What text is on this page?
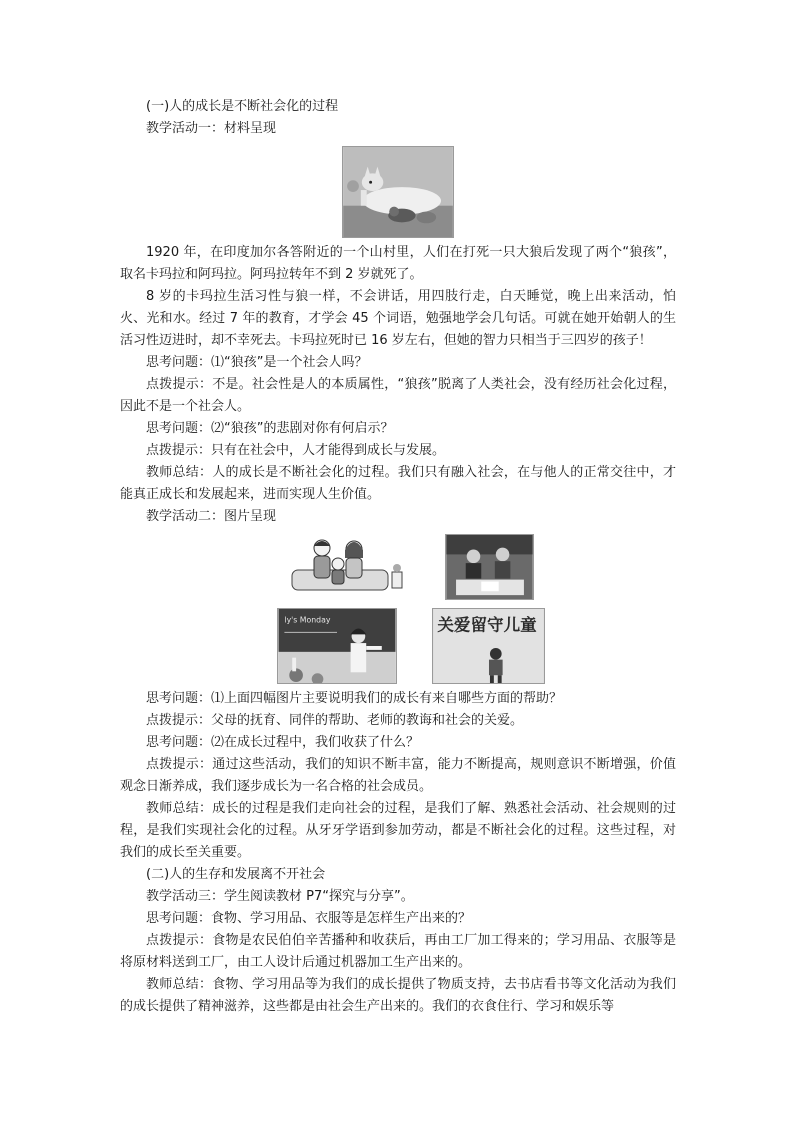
(一)人的成长是不断社会化的过程

教学活动一：材料呈现

1920 年，在印度加尔各答附近的一个山村里，人们在打死一只大狼后发现了两个“狼孩”，取名卡玛拉和阿玛拉。阿玛拉转年不到 2 岁就死了。

8 岁的卡玛拉生活习性与狼一样，不会讲话，用四肢行走，白天睡觉，晚上出来活动，怕火、光和水。经过 7 年的教育，才学会 45 个词语，勉强地学会几句话。可就在她开始朝人的生活习性迈进时，却不幸死去。卡玛拉死时已 16 岁左右，但她的智力只相当于三四岁的孩子！

思考问题：⑴“狼孩”是一个社会人吗？

点拨提示：不是。社会性是人的本质属性，“狼孩”脱离了人类社会，没有经历社会化过程，因此不是一个社会人。

思考问题：⑵“狼孩”的悲剧对你有何启示？

点拨提示：只有在社会中，人才能得到成长与发展。

教师总结：人的成长是不断社会化的过程。我们只有融入社会，在与他人的正常交往中，才能真正成长和发展起来，进而实现人生价值。

教学活动二：图片呈现

ly's Monday	关爱留守儿童

思考问题：⑴上面四幅图片主要说明我们的成长有来自哪些方面的帮助？

点拨提示：父母的抚育、同伴的帮助、老师的教诲和社会的关爱。

思考问题：⑵在成长过程中，我们收获了什么？

点拨提示：通过这些活动，我们的知识不断丰富，能力不断提高，规则意识不断增强，价值观念日渐养成，我们逐步成长为一名合格的社会成员。

教师总结：成长的过程是我们走向社会的过程，是我们了解、熟悉社会活动、社会规则的过程，是我们实现社会化的过程。从牙牙学语到参加劳动，都是不断社会化的过程。这些过程，对我们的成长至关重要。

(二)人的生存和发展离不开社会

教学活动三：学生阅读教材 P7“探究与分享”。

思考问题：食物、学习用品、衣服等是怎样生产出来的？

点拨提示：食物是农民伯伯辛苦播种和收获后，再由工厂加工得来的；学习用品、衣服等是将原材料送到工厂，由工人设计后通过机器加工生产出来的。

教师总结：食物、学习用品等为我们的成长提供了物质支持，去书店看书等文化活动为我们的成长提供了精神滋养，这些都是由社会生产出来的。我们的衣食住行、学习和娱乐等
